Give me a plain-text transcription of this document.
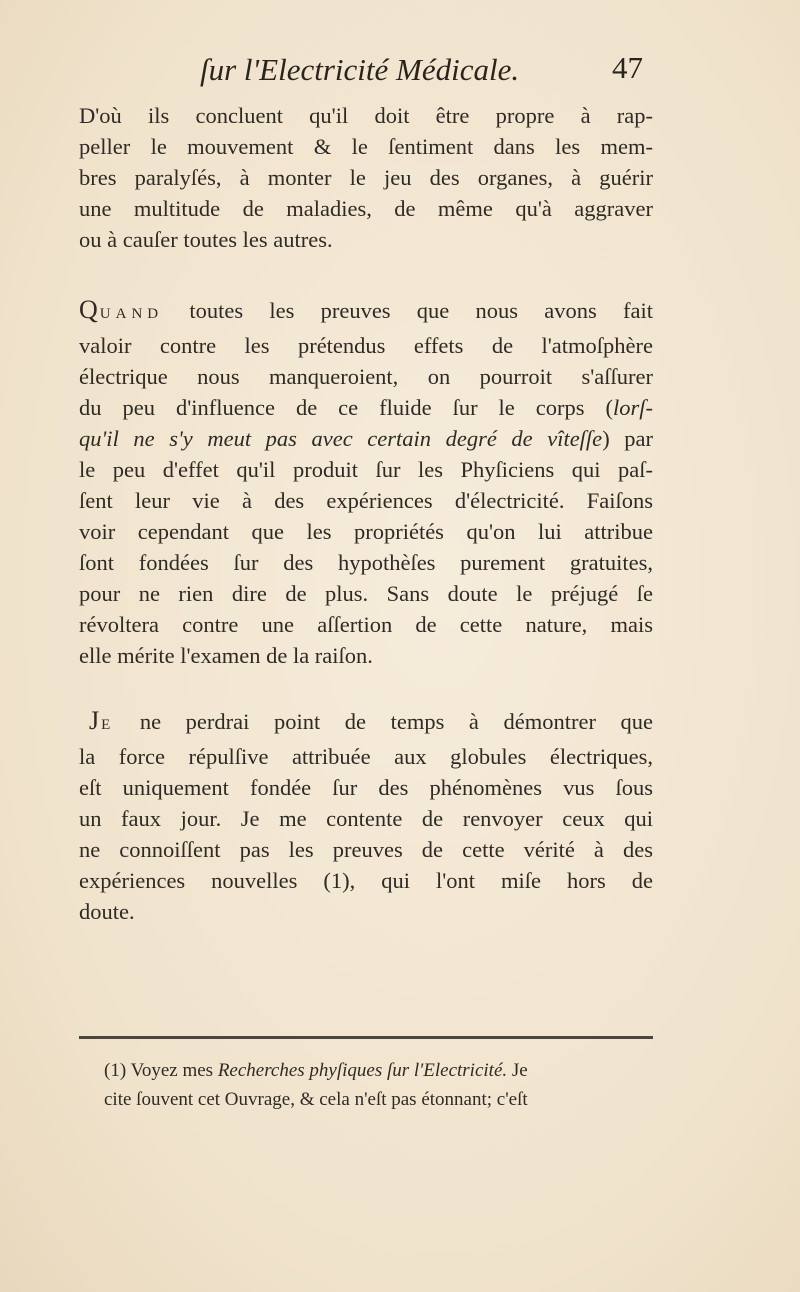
ſur l'Electricité Médicale.	47

D'où ils concluent qu'il doit être propre à rap-
peller le mouvement & le ſentiment dans les mem-
bres paralyſés, à monter le jeu des organes, à guérir
une multitude de maladies, de même qu'à aggraver
ou à cauſer toutes les autres.

QUAND toutes les preuves que nous avons fait
valoir contre les prétendus effets de l'atmoſphère
électrique nous manqueroient, on pourroit s'aſſurer
du peu d'influence de ce fluide ſur le corps (lorſ-
qu'il ne s'y meut pas avec certain degré de vîteſſe) par
le peu d'effet qu'il produit ſur les Phyſiciens qui paſ-
ſent leur vie à des expériences d'électricité. Faiſons
voir cependant que les propriétés qu'on lui attribue
ſont fondées ſur des hypothèſes purement gratuites,
pour ne rien dire de plus. Sans doute le préjugé ſe
révoltera contre une aſſertion de cette nature, mais
elle mérite l'examen de la raiſon.

JE ne perdrai point de temps à démontrer que
la force répulſive attribuée aux globules électriques,
eſt uniquement fondée ſur des phénomènes vus ſous
un faux jour. Je me contente de renvoyer ceux qui
ne connoiſſent pas les preuves de cette vérité à des
expériences nouvelles (1), qui l'ont miſe hors de
doute.

(1) Voyez mes Recherches phyſiques ſur l'Electricité. Je
cite ſouvent cet Ouvrage, & cela n'eſt pas étonnant; c'eſt
